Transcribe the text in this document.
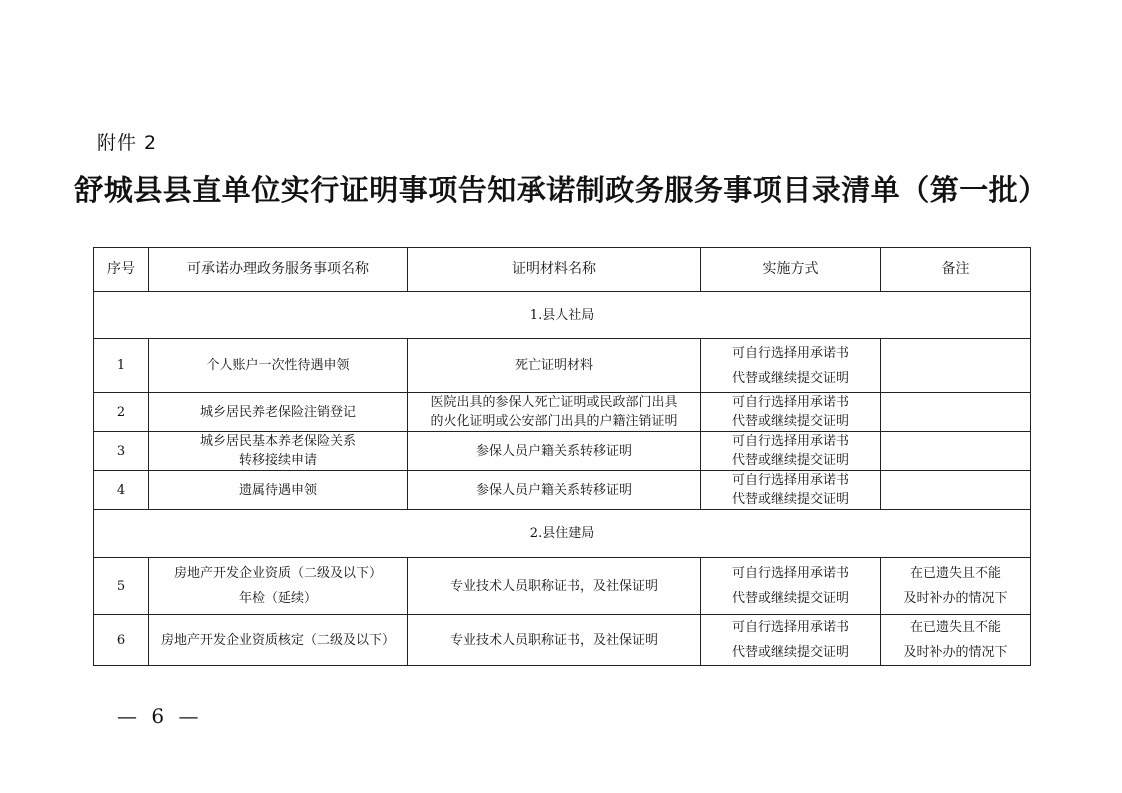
附件 2
舒城县县直单位实行证明事项告知承诺制政务服务事项目录清单（第一批）
序号	可承诺办理政务服务事项名称	证明材料名称	实施方式	备注
1.县人社局				
1	个人账户一次性待遇申领	死亡证明材料	可自行选择用承诺书
代替或继续提交证明	

2	城乡居民养老保险注销登记	医院出具的参保人死亡证明或民政部门出具
的火化证明或公安部门出具的户籍注销证明	可自行选择用承诺书
代替或继续提交证明	

3	城乡居民基本养老保险关系
转移接续申请	参保人员户籍关系转移证明	可自行选择用承诺书
代替或继续提交证明	

4	遗属待遇申领	参保人员户籍关系转移证明	可自行选择用承诺书
代替或继续提交证明	

2.县住建局				
5	房地产开发企业资质（二级及以下）
年检（延续）	专业技术人员职称证书，及社保证明	可自行选择用承诺书
代替或继续提交证明	在已遗失且不能
及时补办的情况下

6	房地产开发企业资质核定（二级及以下）	专业技术人员职称证书，及社保证明	可自行选择用承诺书
代替或继续提交证明	在已遗失且不能
及时补办的情况下
— 6 —
